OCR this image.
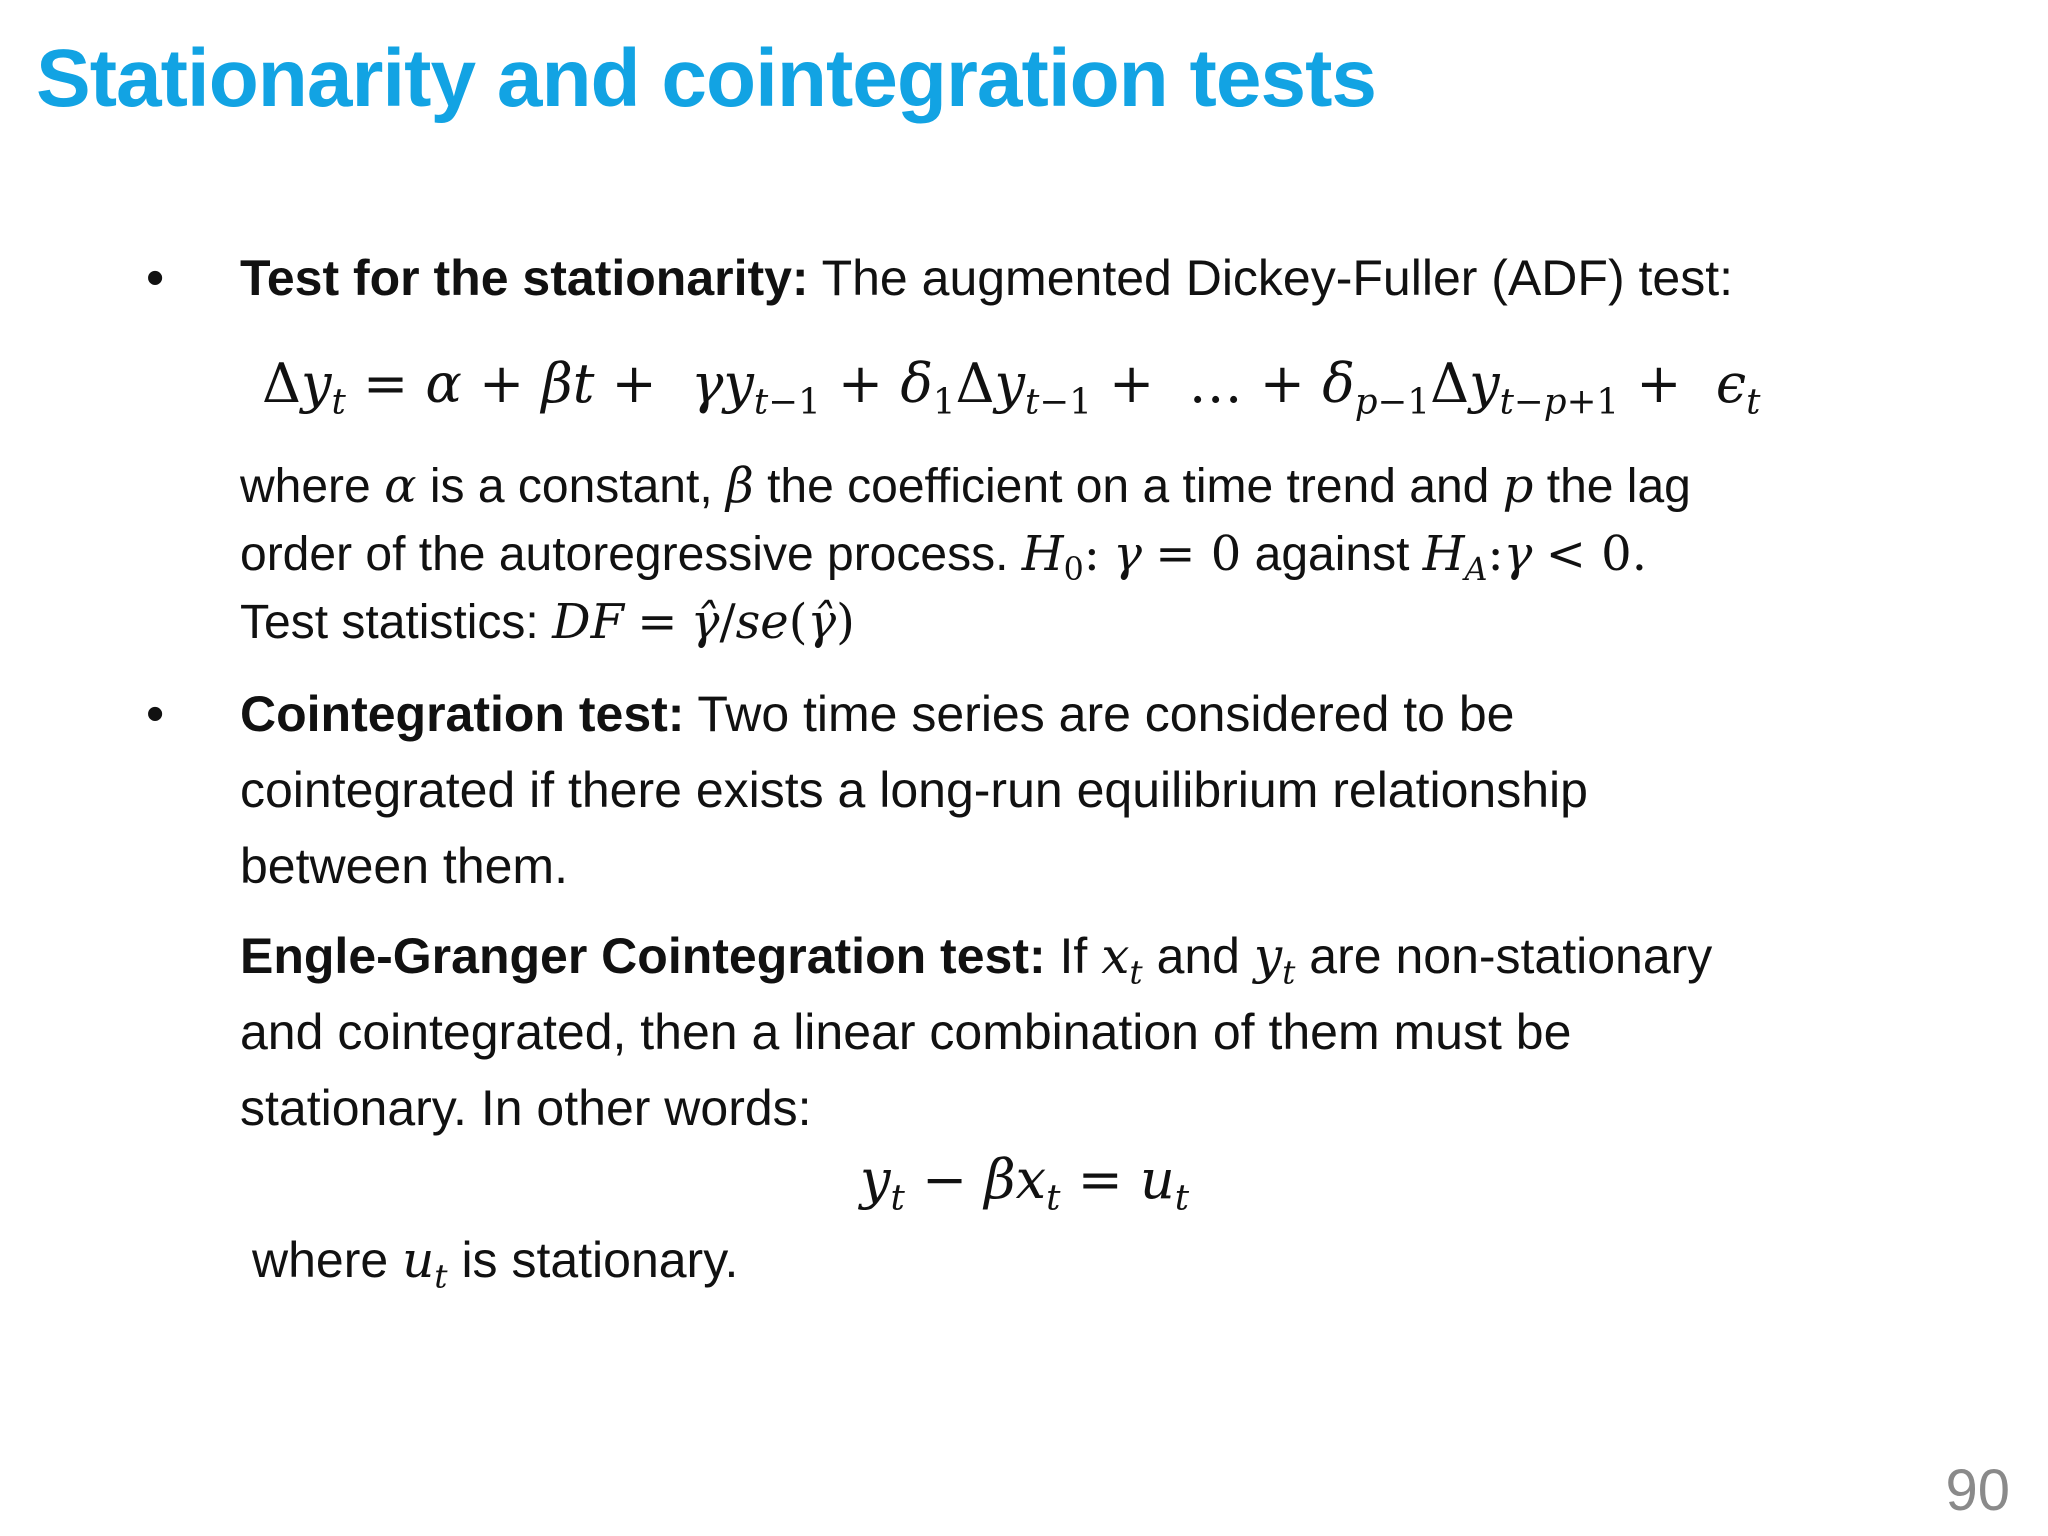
Stationarity and cointegration tests
• Test for the stationarity: The augmented Dickey-Fuller (ADF) test:
$\Delta y_t = \alpha + \beta t + \gamma y_{t-1} + \delta_1\Delta y_{t-1}$ +  … + $\delta_{p-1}\Delta y_{t-p+1} + \epsilon_t$
where α is a constant, β the coefficient on a time trend and p the lag
order of the autoregressive process. $H_0$: γ = 0 against $H_A:\gamma < 0$.
Test statistics: DF = γ̂/se(γ̂)
• Cointegration test: Two time series are considered to be
cointegrated if there exists a long-run equilibrium relationship
between them.
Engle-Granger Cointegration test: If $x_t$ and $y_t$ are non-stationary
and cointegrated, then a linear combination of them must be
stationary. In other words:
$y_t - \beta x_t = u_t$
where $u_t$ is stationary.
90
